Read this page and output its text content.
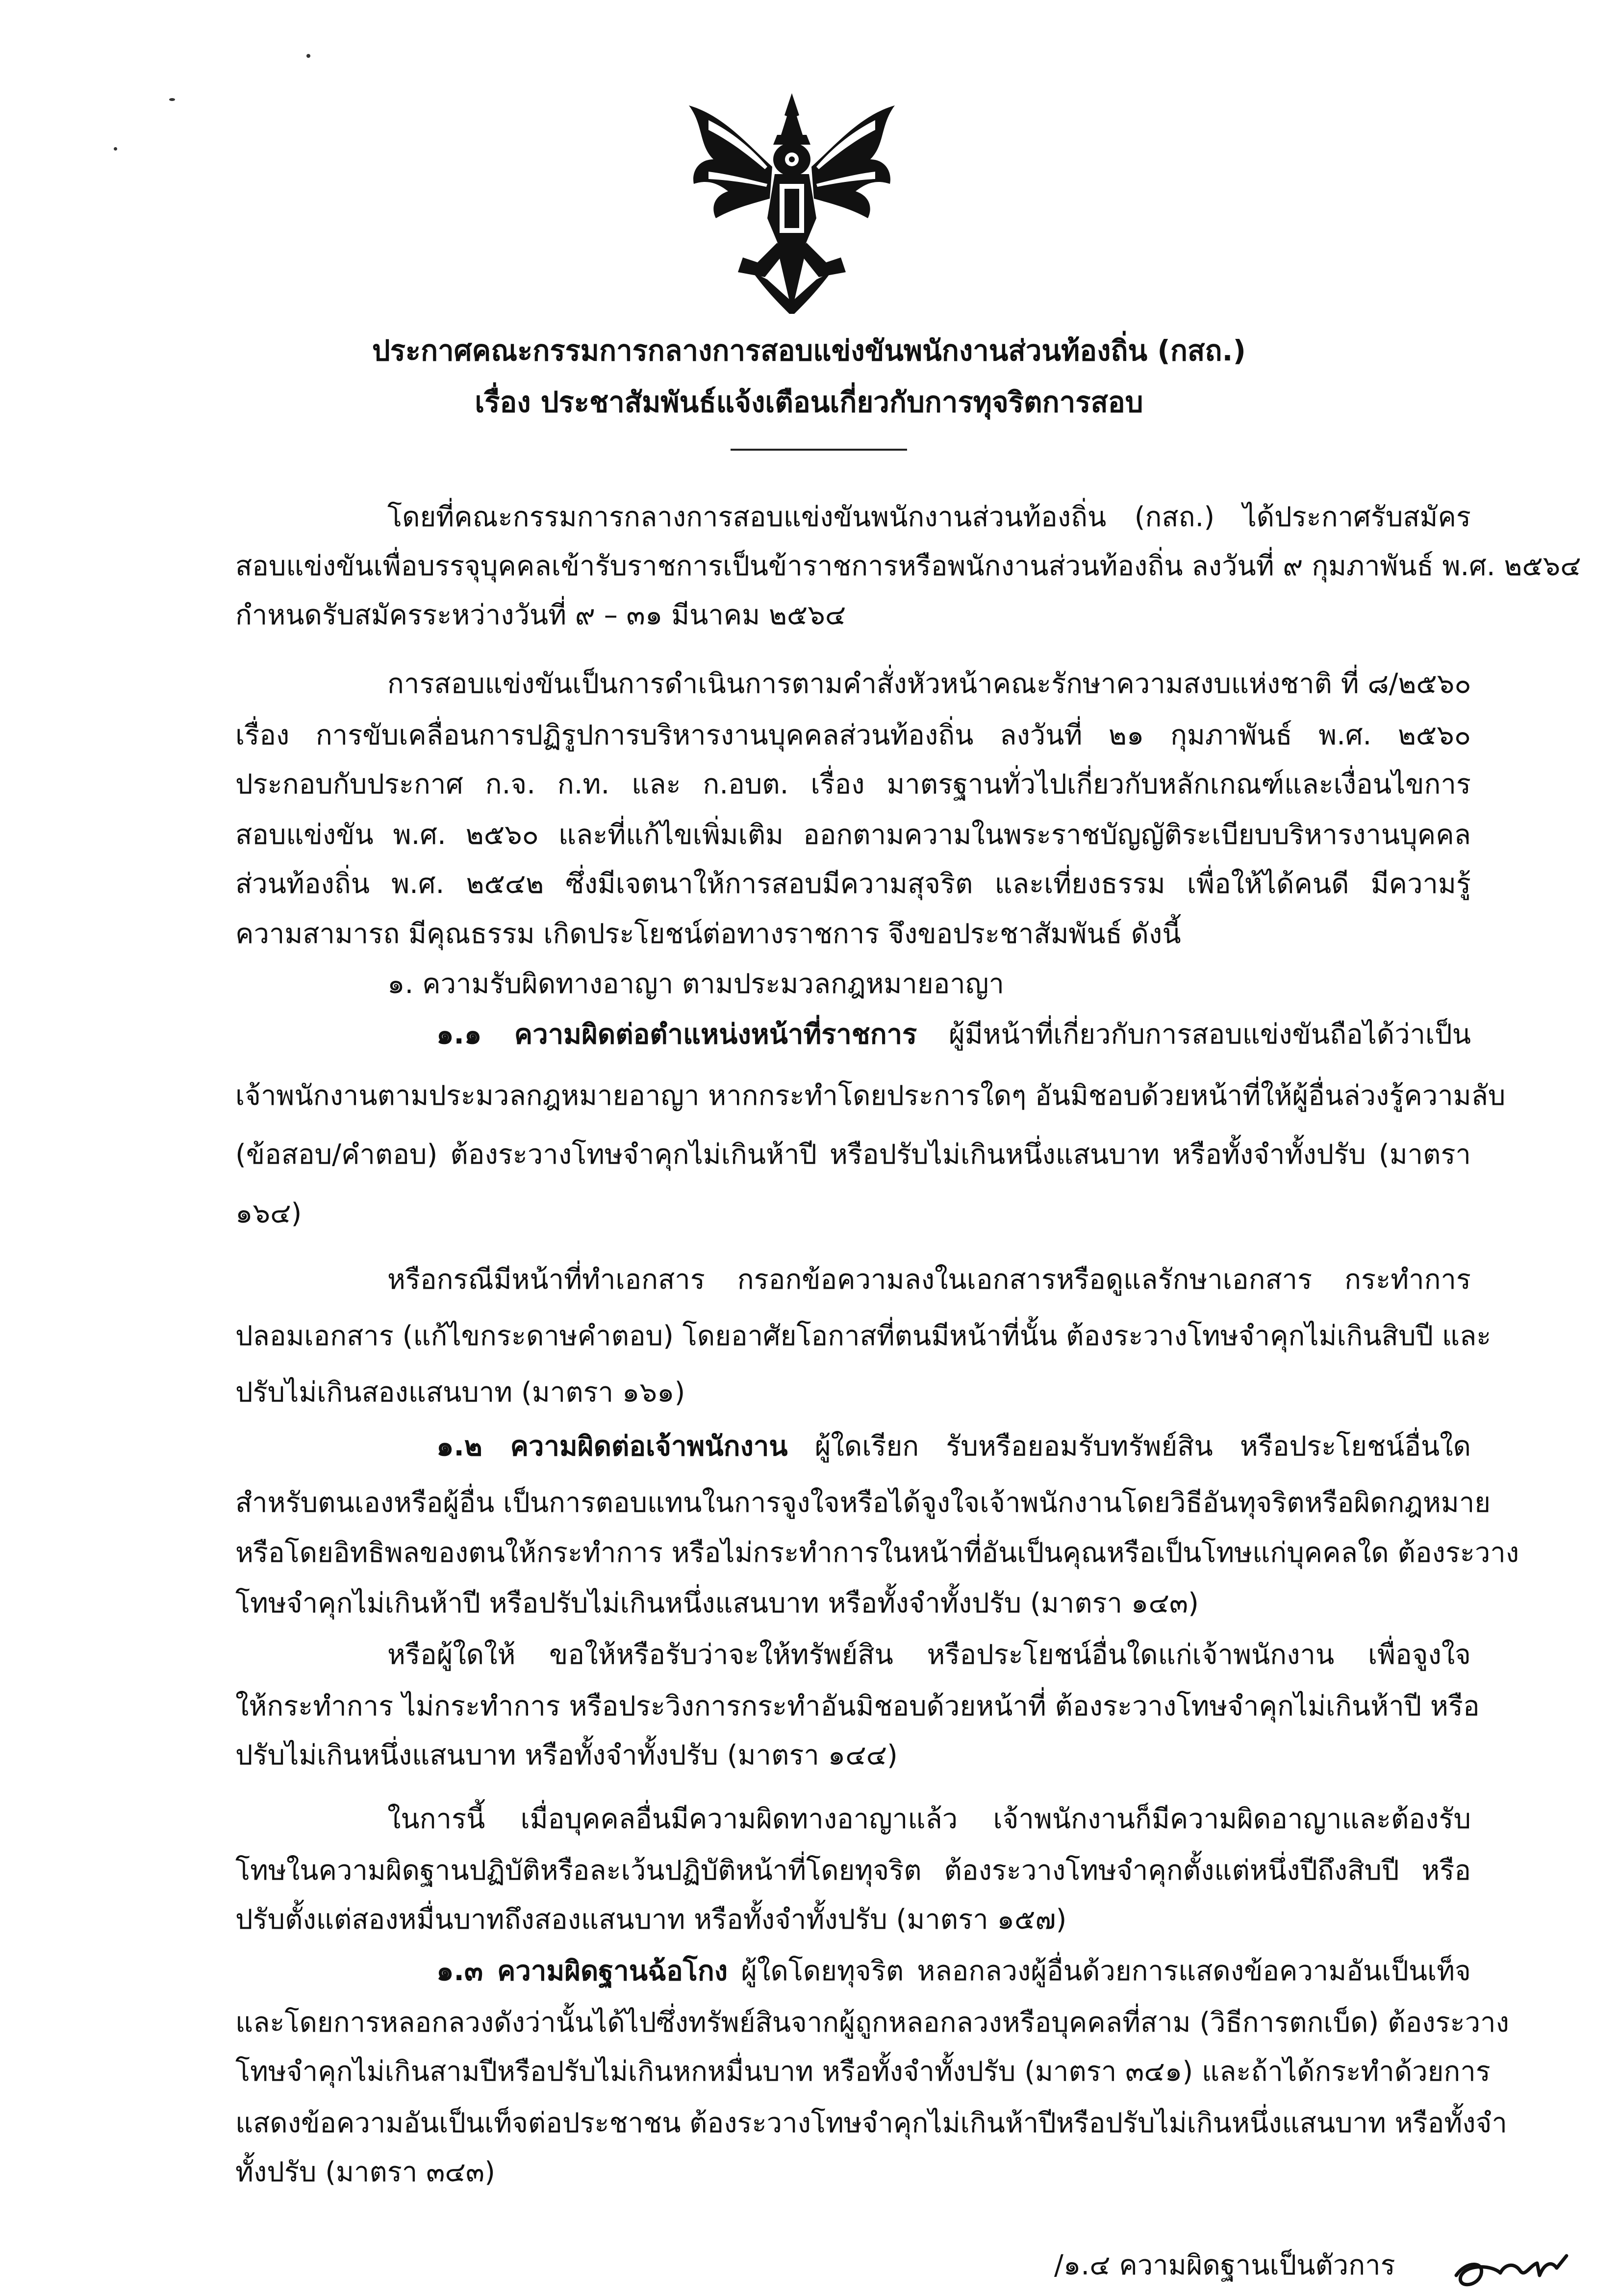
ประกาศคณะกรรมการกลางการสอบแข่งขันพนักงานส่วนท้องถิ่น (กสถ.)
เรื่อง ประชาสัมพันธ์แจ้งเตือนเกี่ยวกับการทุจริตการสอบ
โดยที่คณะกรรมการกลางการสอบแข่งขันพนักงานส่วนท้องถิ่น (กสถ.) ได้ประกาศรับสมัคร
สอบแข่งขันเพื่อบรรจุบุคคลเข้ารับราชการเป็นข้าราชการหรือพนักงานส่วนท้องถิ่น ลงวันที่ ๙ กุมภาพันธ์ พ.ศ. ๒๕๖๔
กำหนดรับสมัครระหว่างวันที่ ๙ – ๓๑ มีนาคม ๒๕๖๔
การสอบแข่งขันเป็นการดำเนินการตามคำสั่งหัวหน้าคณะรักษาความสงบแห่งชาติ ที่ ๘/๒๕๖๐
เรื่อง การขับเคลื่อนการปฏิรูปการบริหารงานบุคคลส่วนท้องถิ่น ลงวันที่ ๒๑ กุมภาพันธ์ พ.ศ. ๒๕๖๐
ประกอบกับประกาศ ก.จ. ก.ท. และ ก.อบต. เรื่อง มาตรฐานทั่วไปเกี่ยวกับหลักเกณฑ์และเงื่อนไขการ
สอบแข่งขัน พ.ศ. ๒๕๖๐ และที่แก้ไขเพิ่มเติม ออกตามความในพระราชบัญญัติระเบียบบริหารงานบุคคล
ส่วนท้องถิ่น พ.ศ. ๒๕๔๒ ซึ่งมีเจตนาให้การสอบมีความสุจริต และเที่ยงธรรม เพื่อให้ได้คนดี มีความรู้
ความสามารถ มีคุณธรรม เกิดประโยชน์ต่อทางราชการ จึงขอประชาสัมพันธ์ ดังนี้
๑. ความรับผิดทางอาญา ตามประมวลกฎหมายอาญา
๑.๑ ความผิดต่อตำแหน่งหน้าที่ราชการ ผู้มีหน้าที่เกี่ยวกับการสอบแข่งขันถือได้ว่าเป็น
เจ้าพนักงานตามประมวลกฎหมายอาญา หากกระทำโดยประการใดๆ อันมิชอบด้วยหน้าที่ให้ผู้อื่นล่วงรู้ความลับ
(ข้อสอบ/คำตอบ) ต้องระวางโทษจำคุกไม่เกินห้าปี หรือปรับไม่เกินหนึ่งแสนบาท หรือทั้งจำทั้งปรับ (มาตรา
๑๖๔)
หรือกรณีมีหน้าที่ทำเอกสาร กรอกข้อความลงในเอกสารหรือดูแลรักษาเอกสาร กระทำการ
ปลอมเอกสาร (แก้ไขกระดาษคำตอบ) โดยอาศัยโอกาสที่ตนมีหน้าที่นั้น ต้องระวางโทษจำคุกไม่เกินสิบปี และ
ปรับไม่เกินสองแสนบาท (มาตรา ๑๖๑)
๑.๒ ความผิดต่อเจ้าพนักงาน ผู้ใดเรียก รับหรือยอมรับทรัพย์สิน หรือประโยชน์อื่นใด
สำหรับตนเองหรือผู้อื่น เป็นการตอบแทนในการจูงใจหรือได้จูงใจเจ้าพนักงานโดยวิธีอันทุจริตหรือผิดกฎหมาย
หรือโดยอิทธิพลของตนให้กระทำการ หรือไม่กระทำการในหน้าที่อันเป็นคุณหรือเป็นโทษแก่บุคคลใด ต้องระวาง
โทษจำคุกไม่เกินห้าปี หรือปรับไม่เกินหนึ่งแสนบาท หรือทั้งจำทั้งปรับ (มาตรา ๑๔๓)
หรือผู้ใดให้ ขอให้หรือรับว่าจะให้ทรัพย์สิน หรือประโยชน์อื่นใดแก่เจ้าพนักงาน เพื่อจูงใจ
ให้กระทำการ ไม่กระทำการ หรือประวิงการกระทำอันมิชอบด้วยหน้าที่ ต้องระวางโทษจำคุกไม่เกินห้าปี หรือ
ปรับไม่เกินหนึ่งแสนบาท หรือทั้งจำทั้งปรับ (มาตรา ๑๔๔)
ในการนี้ เมื่อบุคคลอื่นมีความผิดทางอาญาแล้ว เจ้าพนักงานก็มีความผิดอาญาและต้องรับ
โทษในความผิดฐานปฏิบัติหรือละเว้นปฏิบัติหน้าที่โดยทุจริต ต้องระวางโทษจำคุกตั้งแต่หนึ่งปีถึงสิบปี หรือ
ปรับตั้งแต่สองหมื่นบาทถึงสองแสนบาท หรือทั้งจำทั้งปรับ (มาตรา ๑๕๗)
๑.๓ ความผิดฐานฉ้อโกง ผู้ใดโดยทุจริต หลอกลวงผู้อื่นด้วยการแสดงข้อความอันเป็นเท็จ
และโดยการหลอกลวงดังว่านั้นได้ไปซึ่งทรัพย์สินจากผู้ถูกหลอกลวงหรือบุคคลที่สาม (วิธีการตกเบ็ด) ต้องระวาง
โทษจำคุกไม่เกินสามปีหรือปรับไม่เกินหกหมื่นบาท หรือทั้งจำทั้งปรับ (มาตรา ๓๔๑) และถ้าได้กระทำด้วยการ
แสดงข้อความอันเป็นเท็จต่อประชาชน ต้องระวางโทษจำคุกไม่เกินห้าปีหรือปรับไม่เกินหนึ่งแสนบาท หรือทั้งจำ
ทั้งปรับ (มาตรา ๓๔๓)
/๑.๔ ความผิดฐานเป็นตัวการ
